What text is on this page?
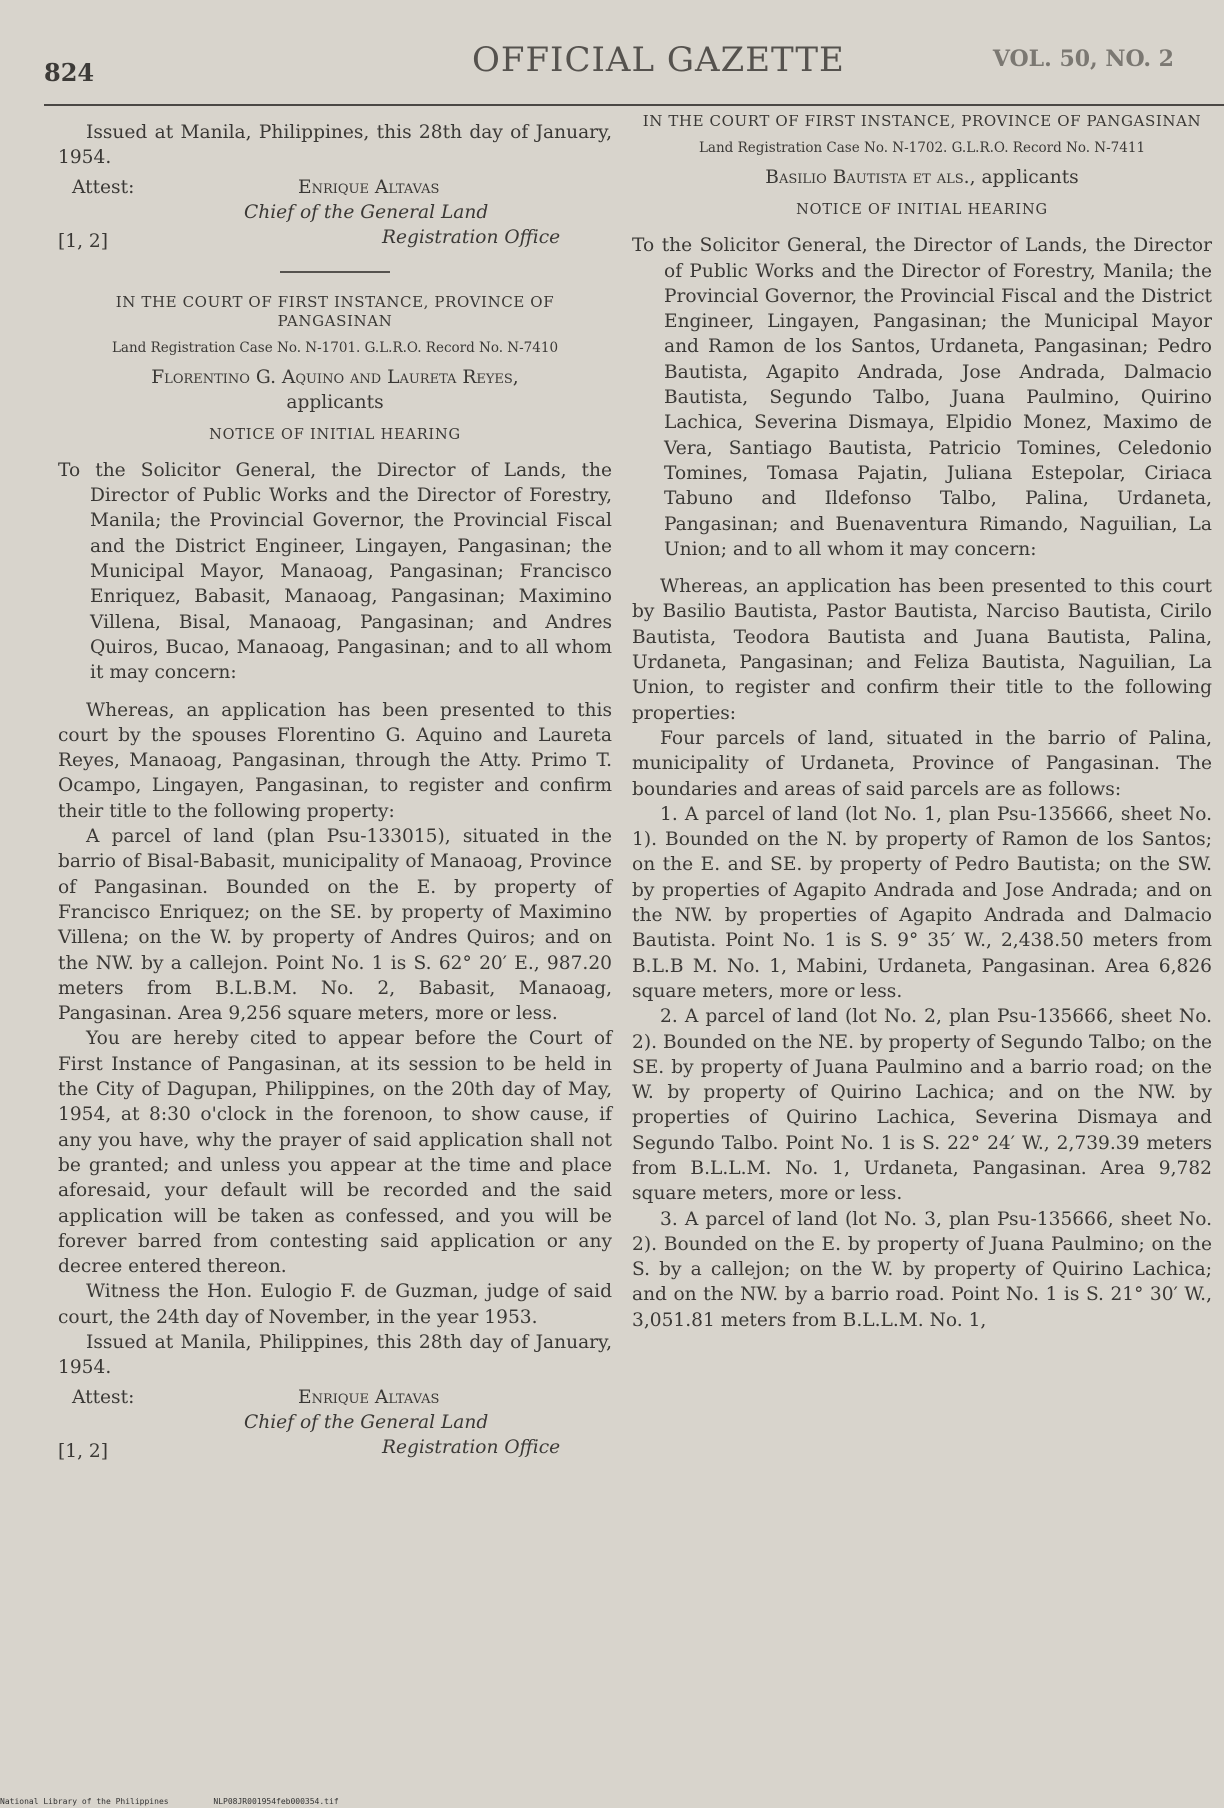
824	OFFICIAL GAZETTE	VOL. 50, NO. 2

Issued at Manila, Philippines, this 28th day of January, 1954.

Attest:	Enrique Altavas
Chief of the General Land
Registration Office
[1, 2]
IN THE COURT OF FIRST INSTANCE, PROVINCE OF PANGASINAN
Land Registration Case No. N-1701. G.L.R.O. Record No. N-7410
Florentino G. Aquino and Laureta Reyes,
applicants
NOTICE OF INITIAL HEARING

To the Solicitor General, the Director of Lands, the Director of Public Works and the Director of Forestry, Manila; the Provincial Governor, the Provincial Fiscal and the District Engineer, Lingayen, Pangasinan; the Municipal Mayor, Manaoag, Pangasinan; Francisco Enriquez, Babasit, Manaoag, Pangasinan; Maximino Villena, Bisal, Manaoag, Pangasinan; and Andres Quiros, Bucao, Manaoag, Pangasinan; and to all whom it may concern:

Whereas, an application has been presented to this court by the spouses Florentino G. Aquino and Laureta Reyes, Manaoag, Pangasinan, through the Atty. Primo T. Ocampo, Lingayen, Pangasinan, to register and confirm their title to the following property:

A parcel of land (plan Psu-133015), situated in the barrio of Bisal-Babasit, municipality of Manaoag, Province of Pangasinan. Bounded on the E. by property of Francisco Enriquez; on the SE. by property of Maximino Villena; on the W. by property of Andres Quiros; and on the NW. by a callejon. Point No. 1 is S. 62° 20′ E., 987.20 meters from B.L.B.M. No. 2, Babasit, Manaoag, Pangasinan. Area 9,256 square meters, more or less.

You are hereby cited to appear before the Court of First Instance of Pangasinan, at its session to be held in the City of Dagupan, Philippines, on the 20th day of May, 1954, at 8:30 o'clock in the forenoon, to show cause, if any you have, why the prayer of said application shall not be granted; and unless you appear at the time and place aforesaid, your default will be recorded and the said application will be taken as confessed, and you will be forever barred from contesting said application or any decree entered thereon.

Witness the Hon. Eulogio F. de Guzman, judge of said court, the 24th day of November, in the year 1953.

Issued at Manila, Philippines, this 28th day of January, 1954.

Attest:	Enrique Altavas
Chief of the General Land
Registration Office
[1, 2]
IN THE COURT OF FIRST INSTANCE, PROVINCE OF PANGASINAN
Land Registration Case No. N-1702. G.L.R.O. Record No. N-7411
Basilio Bautista et als., applicants
NOTICE OF INITIAL HEARING

To the Solicitor General, the Director of Lands, the Director of Public Works and the Director of Forestry, Manila; the Provincial Governor, the Provincial Fiscal and the District Engineer, Lingayen, Pangasinan; the Municipal Mayor and Ramon de los Santos, Urdaneta, Pangasinan; Pedro Bautista, Agapito Andrada, Jose Andrada, Dalmacio Bautista, Segundo Talbo, Juana Paulmino, Quirino Lachica, Severina Dismaya, Elpidio Monez, Maximo de Vera, Santiago Bautista, Patricio Tomines, Celedonio Tomines, Tomasa Pajatin, Juliana Estepolar, Ciriaca Tabuno and Ildefonso Talbo, Palina, Urdaneta, Pangasinan; and Buenaventura Rimando, Naguilian, La Union; and to all whom it may concern:

Whereas, an application has been presented to this court by Basilio Bautista, Pastor Bautista, Narciso Bautista, Cirilo Bautista, Teodora Bautista and Juana Bautista, Palina, Urdaneta, Pangasinan; and Feliza Bautista, Naguilian, La Union, to register and confirm their title to the following properties:

Four parcels of land, situated in the barrio of Palina, municipality of Urdaneta, Province of Pangasinan. The boundaries and areas of said parcels are as follows:

1. A parcel of land (lot No. 1, plan Psu-135666, sheet No. 1). Bounded on the N. by property of Ramon de los Santos; on the E. and SE. by property of Pedro Bautista; on the SW. by properties of Agapito Andrada and Jose Andrada; and on the NW. by properties of Agapito Andrada and Dalmacio Bautista. Point No. 1 is S. 9° 35′ W., 2,438.50 meters from B.L.B M. No. 1, Mabini, Urdaneta, Pangasinan. Area 6,826 square meters, more or less.

2. A parcel of land (lot No. 2, plan Psu-135666, sheet No. 2). Bounded on the NE. by property of Segundo Talbo; on the SE. by property of Juana Paulmino and a barrio road; on the W. by property of Quirino Lachica; and on the NW. by properties of Quirino Lachica, Severina Dismaya and Segundo Talbo. Point No. 1 is S. 22° 24′ W., 2,739.39 meters from B.L.L.M. No. 1, Urdaneta, Pangasinan. Area 9,782 square meters, more or less.

3. A parcel of land (lot No. 3, plan Psu-135666, sheet No. 2). Bounded on the E. by property of Juana Paulmino; on the S. by a callejon; on the W. by property of Quirino Lachica; and on the NW. by a barrio road. Point No. 1 is S. 21° 30′ W., 3,051.81 meters from B.L.L.M. No. 1,

National Library of the Philippines	NLP08JR001954feb000354.tif
